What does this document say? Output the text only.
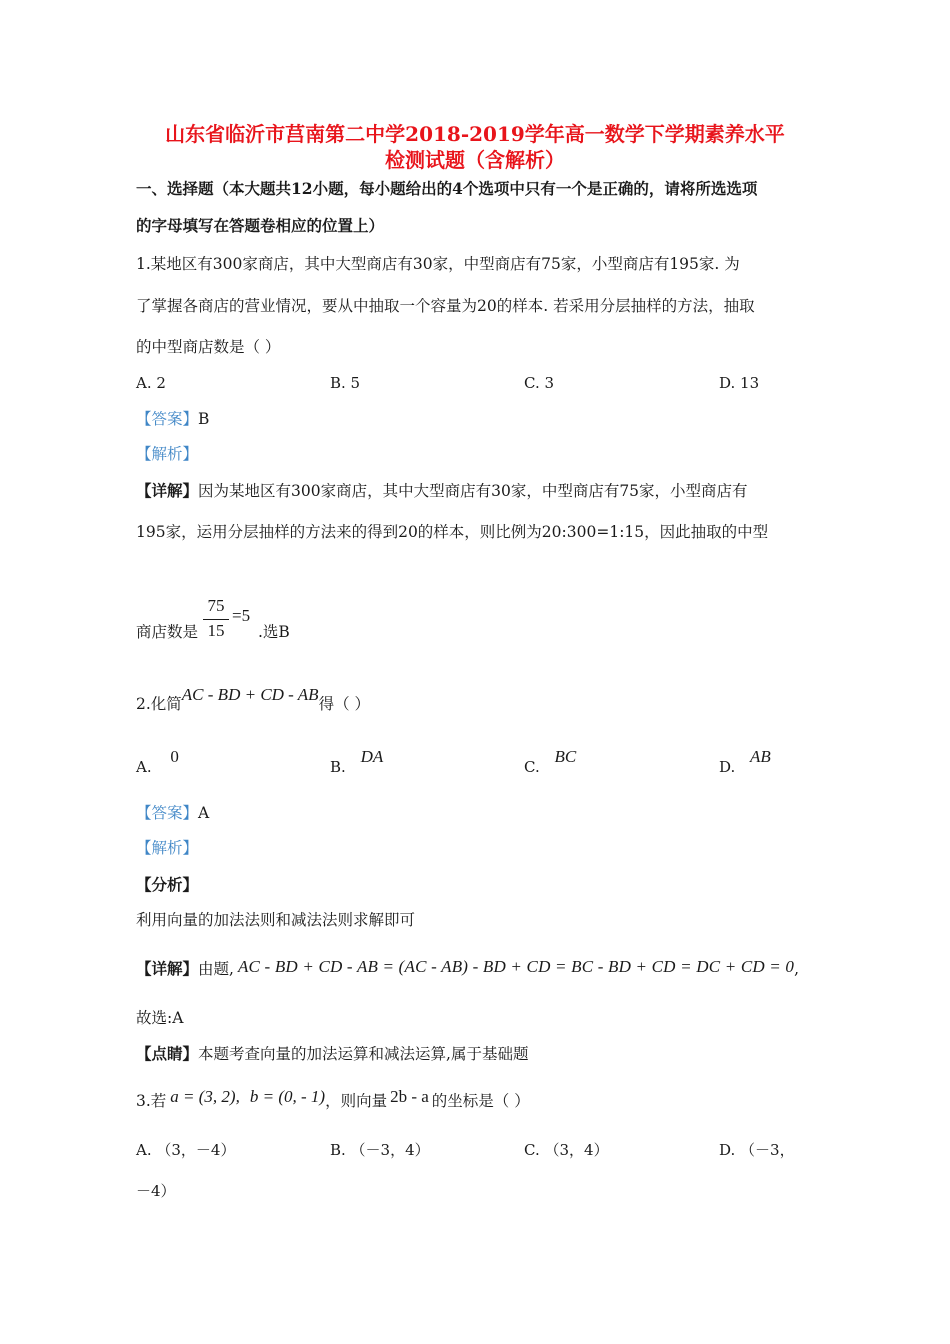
山东省临沂市莒南第二中学2018-2019学年高一数学下学期素养水平
检测试题（含解析）
一、选择题（本大题共12小题，每小题给出的4个选项中只有一个是正确的，请将所选选项
的字母填写在答题卷相应的位置上）
1.某地区有300家商店，其中大型商店有30家，中型商店有75家，小型商店有195家. 为
了掌握各商店的营业情况，要从中抽取一个容量为20的样本. 若采用分层抽样的方法，抽取
的中型商店数是（ ）
A. 2	B. 5	C. 3	D. 13
【答案】B
【解析】
【详解】因为某地区有300家商店，其中大型商店有30家，中型商店有75家，小型商店有
195家，运用分层抽样的方法来的得到20的样本，则比例为20:300=1:15，因此抽取的中型
商店数是
75
15
=5
.选B
2.化简AC - BD + CD - AB得（ ）
A. 0
B. DA
C. BC
D. AB
【答案】A
【解析】
【分析】
利用向量的加法法则和减法法则求解即可
【详解】由题, AC - BD + CD - AB = (AC - AB) - BD + CD = BC - BD + CD = DC + CD = 0,
故选:A
【点睛】本题考查向量的加法运算和减法运算,属于基础题
3.若 a = (3, 2), b = (0, - 1)，则向量 2b - a 的坐标是（ ）
A. （3，－4）	B. （－3，4）	C. （3，4）	D. （－3，
－4）
